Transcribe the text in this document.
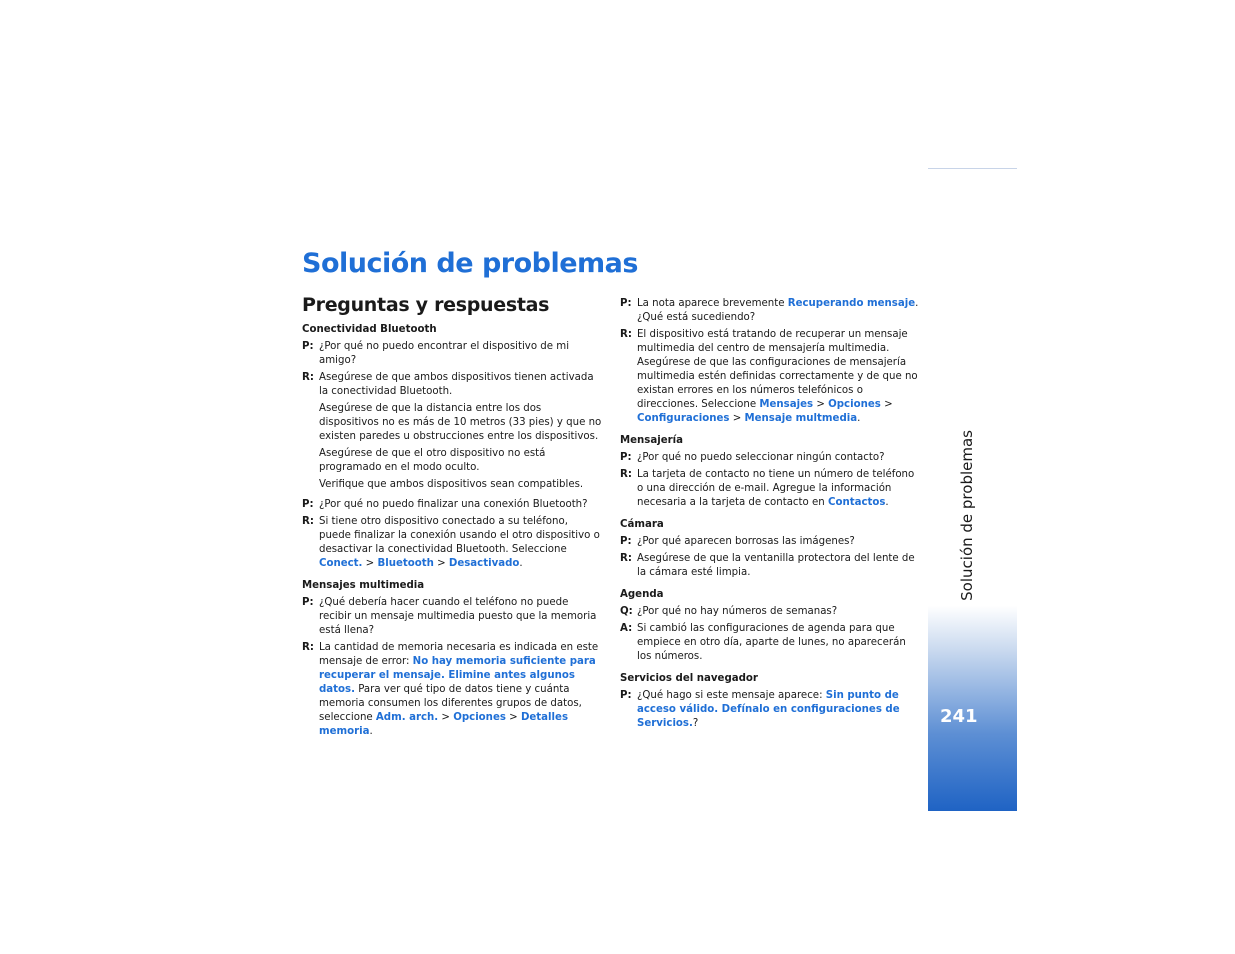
Solución de problemas
Preguntas y respuestas
Conectividad Bluetooth
P: ¿Por qué no puedo encontrar el dispositivo de mi amigo?
R: Asegúrese de que ambos dispositivos tienen activada la conectividad Bluetooth.

Asegúrese de que la distancia entre los dos dispositivos no es más de 10 metros (33 pies) y que no existen paredes u obstrucciones entre los dispositivos.

Asegúrese de que el otro dispositivo no está programado en el modo oculto.

Verifique que ambos dispositivos sean compatibles.

P: ¿Por qué no puedo finalizar una conexión Bluetooth?
R: Si tiene otro dispositivo conectado a su teléfono, puede finalizar la conexión usando el otro dispositivo o desactivar la conectividad Bluetooth. Seleccione Conect. > Bluetooth > Desactivado.
Mensajes multimedia
P: ¿Qué debería hacer cuando el teléfono no puede recibir un mensaje multimedia puesto que la memoria está llena?
R: La cantidad de memoria necesaria es indicada en este mensaje de error: No hay memoria suficiente para recuperar el mensaje. Elimine antes algunos datos. Para ver qué tipo de datos tiene y cuánta memoria consumen los diferentes grupos de datos, seleccione Adm. arch. > Opciones > Detalles memoria.
P: La nota aparece brevemente Recuperando mensaje. ¿Qué está sucediendo?
R: El dispositivo está tratando de recuperar un mensaje multimedia del centro de mensajería multimedia. Asegúrese de que las configuraciones de mensajería multimedia estén definidas correctamente y de que no existan errores en los números telefónicos o direcciones. Seleccione Mensajes > Opciones > Configuraciones > Mensaje multmedia.
Mensajería
P: ¿Por qué no puedo seleccionar ningún contacto?
R: La tarjeta de contacto no tiene un número de teléfono o una dirección de e-mail. Agregue la información necesaria a la tarjeta de contacto en Contactos.
Cámara
P: ¿Por qué aparecen borrosas las imágenes?
R: Asegúrese de que la ventanilla protectora del lente de la cámara esté limpia.
Agenda
Q: ¿Por qué no hay números de semanas?
A: Si cambió las configuraciones de agenda para que empiece en otro día, aparte de lunes, no aparecerán los números.
Servicios del navegador
P: ¿Qué hago si este mensaje aparece: Sin punto de acceso válido. Defínalo en configuraciones de Servicios.?
Solución de problemas
241
